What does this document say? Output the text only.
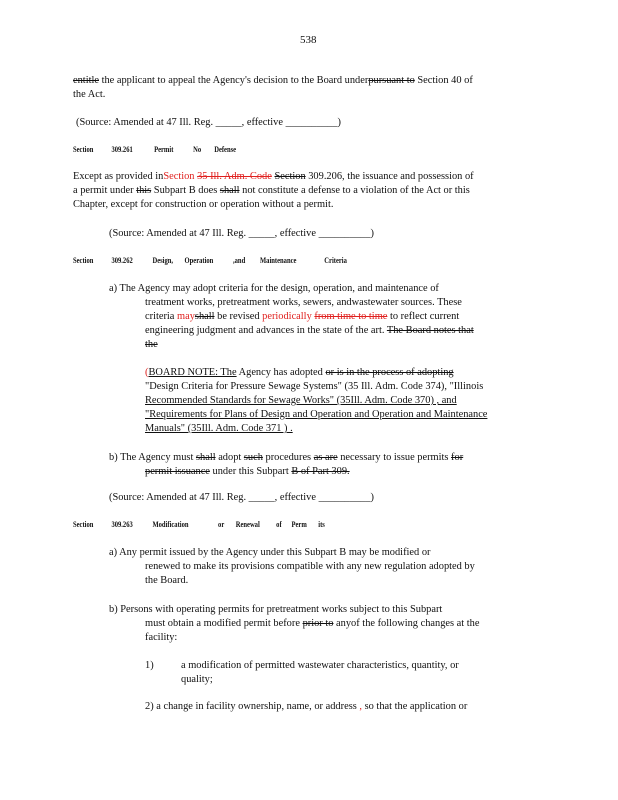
538
entitle the applicant to appeal the Agency's decision to the Board underpursuant to Section 40 of
the Act.
(Source: Amended at 47 Ill. Reg. _____, effective __________)
Section 309.261	Permit No Defense
Except as provided inSection 35 Ill. Adm. Code Section 309.206, the issuance and possession of
a permit under this Subpart B does shall not constitute a defense to a violation of the Act or this
Chapter, except for construction or operation without a permit.
(Source: Amended at 47 Ill. Reg. _____, effective __________)
Section 309.262 Design, Operation ,and Maintenance	Criteria
a) The Agency may adopt criteria for the design, operation, and maintenance of
treatment works, pretreatment works, sewers, andwastewater sources. These
criteria mayshall be revised periodically from time to time to reflect current
engineering judgment and advances in the state of the art. The Board notes that
the
(BOARD NOTE: The Agency has adopted or is in the process of adopting
"Design Criteria for Pressure Sewage Systems" (35 Ill. Adm. Code 374), "Illinois
Recommended Standards for Sewage Works" (35Ill. Adm. Code 370) , and
"Requirements for Plans of Design and Operation and Operation and Maintenance
Manuals" (35Ill. Adm. Code 371 ) .
b) The Agency must shall adopt such procedures as are necessary to issue permits for
permit issuance under this Subpart B of Part 309.
(Source: Amended at 47 Ill. Reg. _____, effective __________)
Section 309.263 Modification	or Renewal of Perm its
a) Any permit issued by the Agency under this Subpart B may be modified or
renewed to make its provisions compatible with any new regulation adopted by
the Board.
b) Persons with operating permits for pretreatment works subject to this Subpart
must obtain a modified permit before prior to anyof the following changes at the
facility:
1)	a modification of permitted wastewater characteristics, quantity, or
quality;
2) a change in facility ownership, name, or address , so that the application or
